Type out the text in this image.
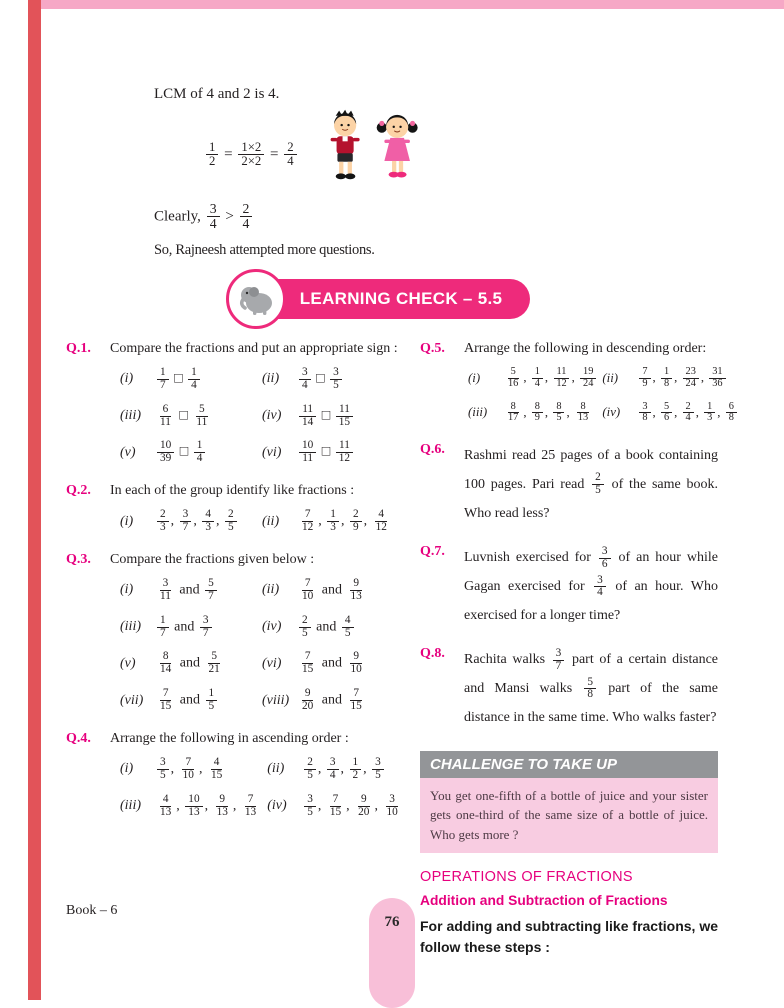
LCM of 4 and 2 is 4.

$\frac{1}{2} = \frac{1\times 2}{2\times 2} = \frac{2}{4}$

Clearly, $\frac{3}{4} > \frac{2}{4}$

So, Rajneesh attempted more questions.

LEARNING CHECK – 5.5
Q.1.	Compare the fractions and put an appropriate sign :

(i)	$\frac{1}{7}$ □ $\frac{1}{4}$	(ii)	$\frac{3}{4}$ □ $\frac{3}{5}$
(iii)	$\frac{6}{11}$ □ $\frac{5}{11}$	(iv)	$\frac{11}{14}$ □ $\frac{11}{15}$
(v)	$\frac{10}{39}$ □ $\frac{1}{4}$	(vi)	$\frac{10}{11}$ □ $\frac{11}{12}$
Q.2.	In each of the group identify like fractions :

(i)	$\frac{2}{3}$ , $\frac{3}{7}$ , $\frac{4}{3}$ , $\frac{2}{5} (ii)$	$\frac{7}{12}$ , $\frac{1}{3}$ , $\frac{2}{9}$ , $\frac{4}{12}$
Q.3.	Compare the fractions given below :

(i)	$\frac{3}{11}$ and $\frac{5}{7}$	(ii)	$\frac{7}{10}$ and $\frac{9}{13}$
(iii)	$\frac{1}{7}$ and $\frac{3}{7}$	(iv)	$\frac{2}{5}$ and $\frac{4}{5}$
(v)	$\frac{8}{14}$ and $\frac{5}{21}$	(vi)	$\frac{7}{15}$ and $\frac{9}{10}$
(vii)	$\frac{7}{15}$ and $\frac{1}{5}$	(viii) $\frac{9}{20}$ and $\frac{7}{15}$
Q.4.	Arrange the following in ascending order :

(i)	$\frac{3}{5}$ , $\frac{7}{10}$ , $\frac{4}{15}$	(ii)	$\frac{2}{5}$ , $\frac{3}{4}$ , $\frac{1}{2}$ , $\frac{3}{5}$
(iii)	$\frac{4}{13}$ , $\frac{10}{13}$ , $\frac{9}{13}$ , $\frac{7}{13} (iv)$	$\frac{3}{5}$ , $\frac{7}{15}$ , $\frac{9}{20}$ , $\frac{3}{10}$
Q.5.	Arrange the following in descending order:

(i)	$\frac{5}{16}$ , $\frac{1}{4}$ , $\frac{11}{12}$ , $\frac{19}{24} (ii)$	$\frac{7}{9}$ , $\frac{1}{8}$ , $\frac{23}{24}$ , $\frac{31}{36}$
(iii)	$\frac{8}{17}$ , $\frac{8}{9}$ , $\frac{8}{5}$ , $\frac{8}{13} (iv)$	$\frac{3}{8}$ , $\frac{5}{6}$ , $\frac{2}{4}$ , $\frac{1}{3}$ , $\frac{6}{8}$
Q.6.	Rashmi read 25 pages of a book containing 100 pages. Pari read $\frac{2}{5}$ of the same book. Who read less?

Q.7.	Luvnish exercised for $\frac{3}{6}$ of an hour while Gagan exercised for $\frac{3}{4}$ of an hour. Who exercised for a longer time?

Q.8.	Rachita walks $\frac{3}{7}$ part of a certain distance and Mansi walks $\frac{5}{8}$ part of the same distance in the same time. Who walks faster?

CHALLENGE TO TAKE UP
You get one-fifth of a bottle of juice and your sister gets one-third of the same size of a bottle of juice. Who gets more ?

OPERATIONS OF FRACTIONS

Addition and Subtraction of Fractions

For adding and subtracting like fractions, we follow these steps :

Book – 6
76
